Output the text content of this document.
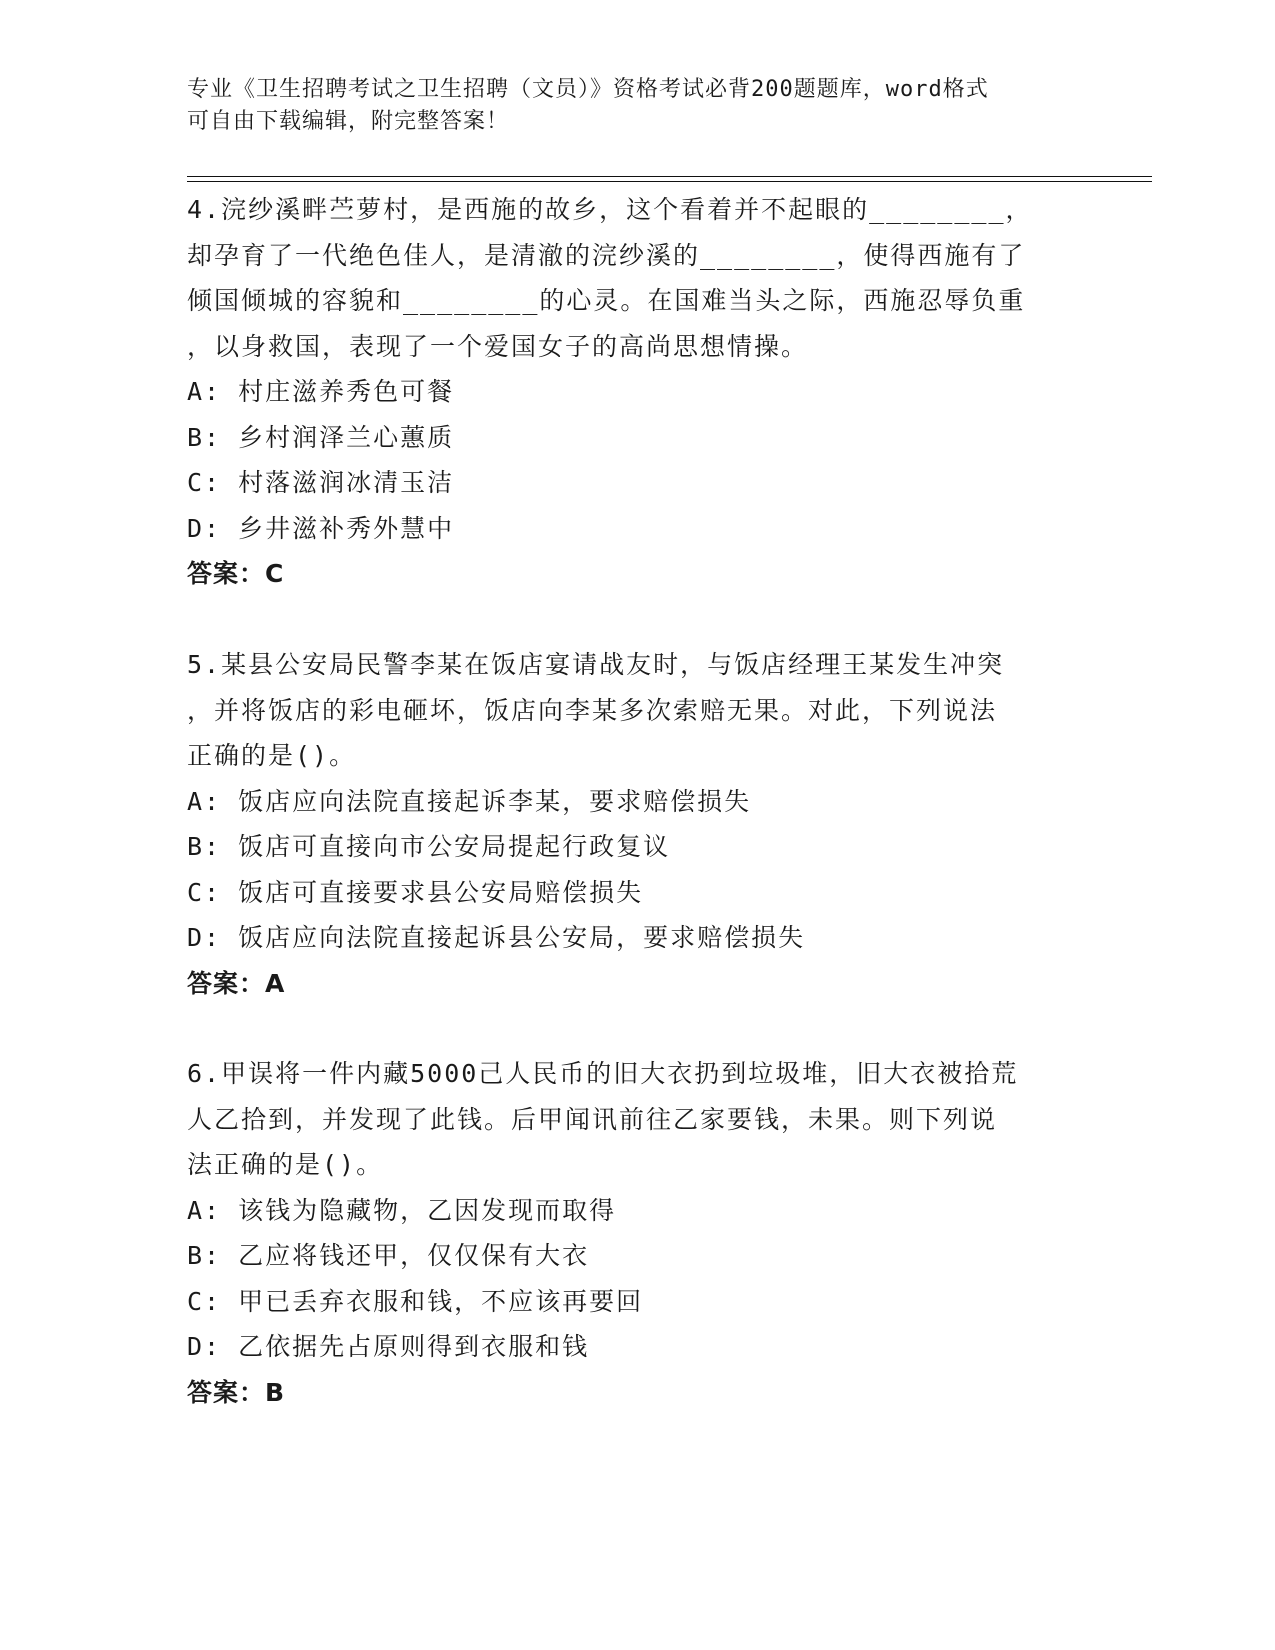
专业《卫生招聘考试之卫生招聘（文员）》资格考试必背200题题库，word格式
可自由下载编辑，附完整答案！
4.浣纱溪畔苎萝村，是西施的故乡，这个看着并不起眼的________，
却孕育了一代绝色佳人，是清澈的浣纱溪的________，使得西施有了
倾国倾城的容貌和________的心灵。在国难当头之际，西施忍辱负重
，以身救国，表现了一个爱国女子的高尚思想情操。
A: 村庄滋养秀色可餐
B: 乡村润泽兰心蕙质
C: 村落滋润冰清玉洁
D: 乡井滋补秀外慧中
答案：C
5.某县公安局民警李某在饭店宴请战友时，与饭店经理王某发生冲突
，并将饭店的彩电砸坏，饭店向李某多次索赔无果。对此，下列说法
正确的是()。
A: 饭店应向法院直接起诉李某，要求赔偿损失
B: 饭店可直接向市公安局提起行政复议
C: 饭店可直接要求县公安局赔偿损失
D: 饭店应向法院直接起诉县公安局，要求赔偿损失
答案：A
6.甲误将一件内藏5000己人民币的旧大衣扔到垃圾堆，旧大衣被拾荒
人乙拾到，并发现了此钱。后甲闻讯前往乙家要钱，未果。则下列说
法正确的是()。
A: 该钱为隐藏物，乙因发现而取得
B: 乙应将钱还甲，仅仅保有大衣
C: 甲已丢弃衣服和钱，不应该再要回
D: 乙依据先占原则得到衣服和钱
答案：B
